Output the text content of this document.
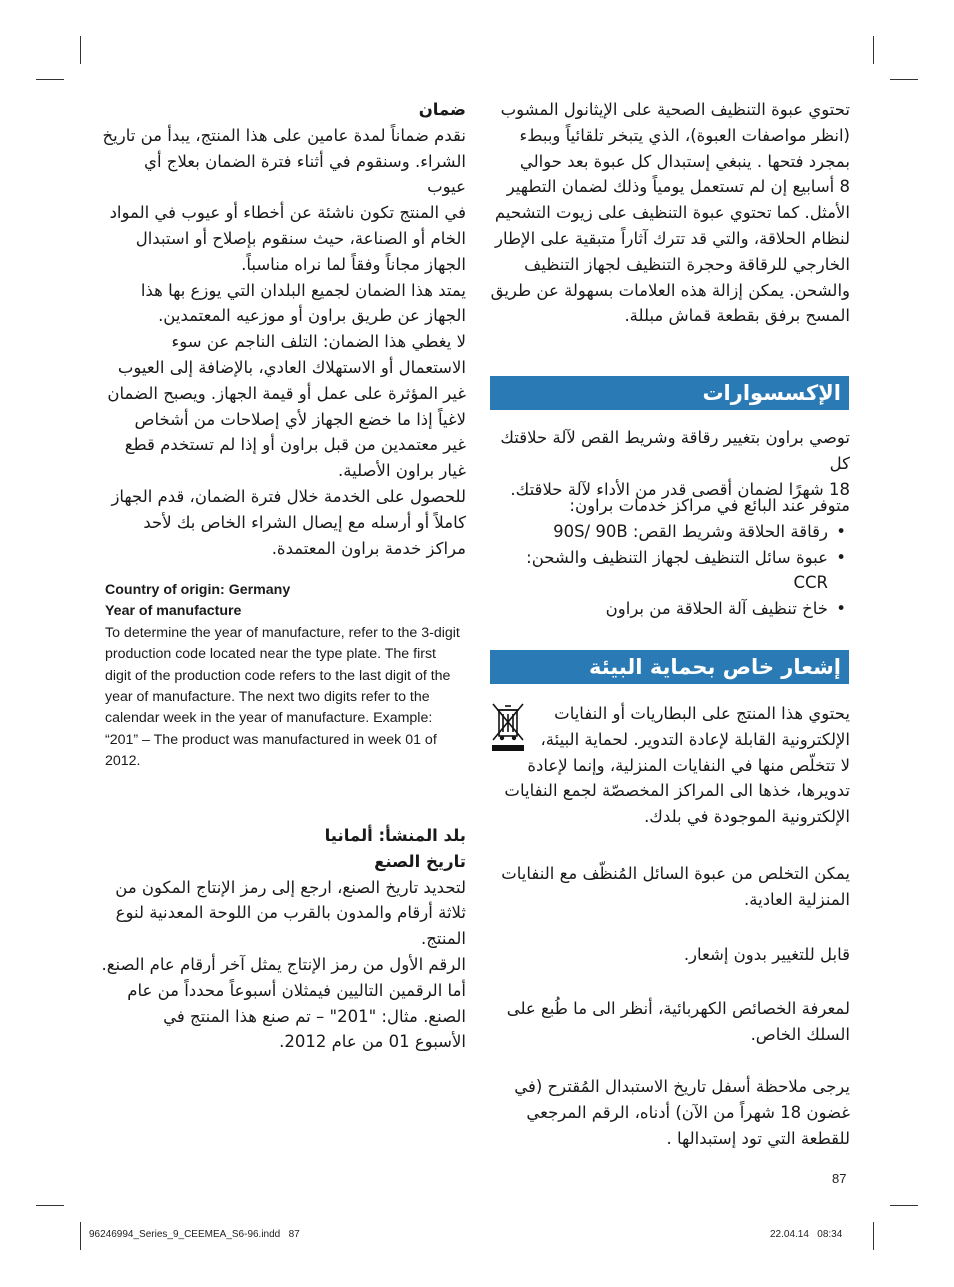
تحتوي عبوة التنظيف الصحية على الإيثانول المشوب

(انظر مواصفات العبوة)، الذي يتبخر تلقائياً وببطء

بمجرد فتحها . ينبغي إستبدال كل عبوة بعد حوالي

8 أسابيع إن لم تستعمل يومياً وذلك لضمان التطهير

الأمثل. كما تحتوي عبوة التنظيف على زيوت التشحيم

لنظام الحلاقة، والتي قد تترك آثاراً متبقية على الإطار

الخارجي للرقاقة وحجرة التنظيف لجهاز التنظيف

والشحن. يمكن إزالة هذه العلامات بسهولة عن طريق

المسح برفق بقطعة قماش مبللة.

الإكسسوارات

توصي براون بتغيير رقاقة وشريط القص لآلة حلاقتك كل

18 شهرًا لضمان أقصى قدر من الأداء لآلة حلاقتك.

متوفر عند البائع في مراكز خدمات براون:

• رقاقة الحلاقة وشريط القص: 90S/ 90B
• عبوة سائل التنظيف لجهاز التنظيف والشحن: CCR
• خاخ تنظيف آلة الحلاقة من براون
إشعار خاص بحماية البيئة

يحتوي هذا المنتج على البطاريات أو النفايات

الإلكترونية القابلة لإعادة التدوير. لحماية البيئة،

لا تتخلّص منها في النفايات المنزلية، وإنما لإعادة

تدويرها، خذها الى المراكز المخصصّة لجمع النفايات

الإلكترونية الموجودة في بلدك.

يمكن التخلص من عبوة السائل المُنظّف مع النفايات

المنزلية العادية.

قابل للتغيير بدون إشعار.

لمعرفة الخصائص الكهربائية، أنظر الى ما طُبع على

السلك الخاص.

يرجى ملاحظة أسفل تاريخ الاستبدال المُقترح (في

غضون 18 شهراً من الآن) أدناه، الرقم المرجعي

للقطعة التي تود إستبدالها .

ضمان

نقدم ضماناً لمدة عامين على هذا المنتج، يبدأ من تاريخ

الشراء. وسنقوم في أثناء فترة الضمان بعلاج أي عيوب

في المنتج تكون ناشئة عن أخطاء أو عيوب في المواد

الخام أو الصناعة، حيث سنقوم بإصلاح أو استبدال

الجهاز مجاناً وفقاً لما نراه مناسباً.

يمتد هذا الضمان لجميع البلدان التي يوزع بها هذا

الجهاز عن طريق براون أو موزعيه المعتمدين.

لا يغطي هذا الضمان: التلف الناجم عن سوء

الاستعمال أو الاستهلاك العادي، بالإضافة إلى العيوب

غير المؤثرة على عمل أو قيمة الجهاز. ويصبح الضمان

لاغياً إذا ما خضع الجهاز لأي إصلاحات من أشخاص

غير معتمدين من قبل براون أو إذا لم تستخدم قطع

غيار براون الأصلية.

للحصول على الخدمة خلال فترة الضمان، قدم الجهاز

كاملاً أو أرسله مع إيصال الشراء الخاص بك لأحد

مراكز خدمة براون المعتمدة.

Country of origin: Germany
Year of manufacture
To determine the year of manufacture, refer to the 3-digit production code located near the type plate. The first digit of the production code refers to the last digit of the year of manufacture. The next two digits refer to the calendar week in the year of manufacture. Example: “201” – The product was manufactured in week 01 of 2012.

بلد المنشأ: ألمانيا

تاريخ الصنع

لتحديد تاريخ الصنع، ارجع إلى رمز الإنتاج المكون من

ثلاثة أرقام والمدون بالقرب من اللوحة المعدنية لنوع المنتج.

الرقم الأول من رمز الإنتاج يمثل آخر أرقام عام الصنع.

أما الرقمين التاليين فيمثلان أسبوعاً محدداً من عام

الصنع. مثال: "201" – تم صنع هذا المنتج في

الأسبوع 01 من عام 2012.

87
96246994_Series_9_CEEMEA_S6-96.indd   87	22.04.14   08:34
